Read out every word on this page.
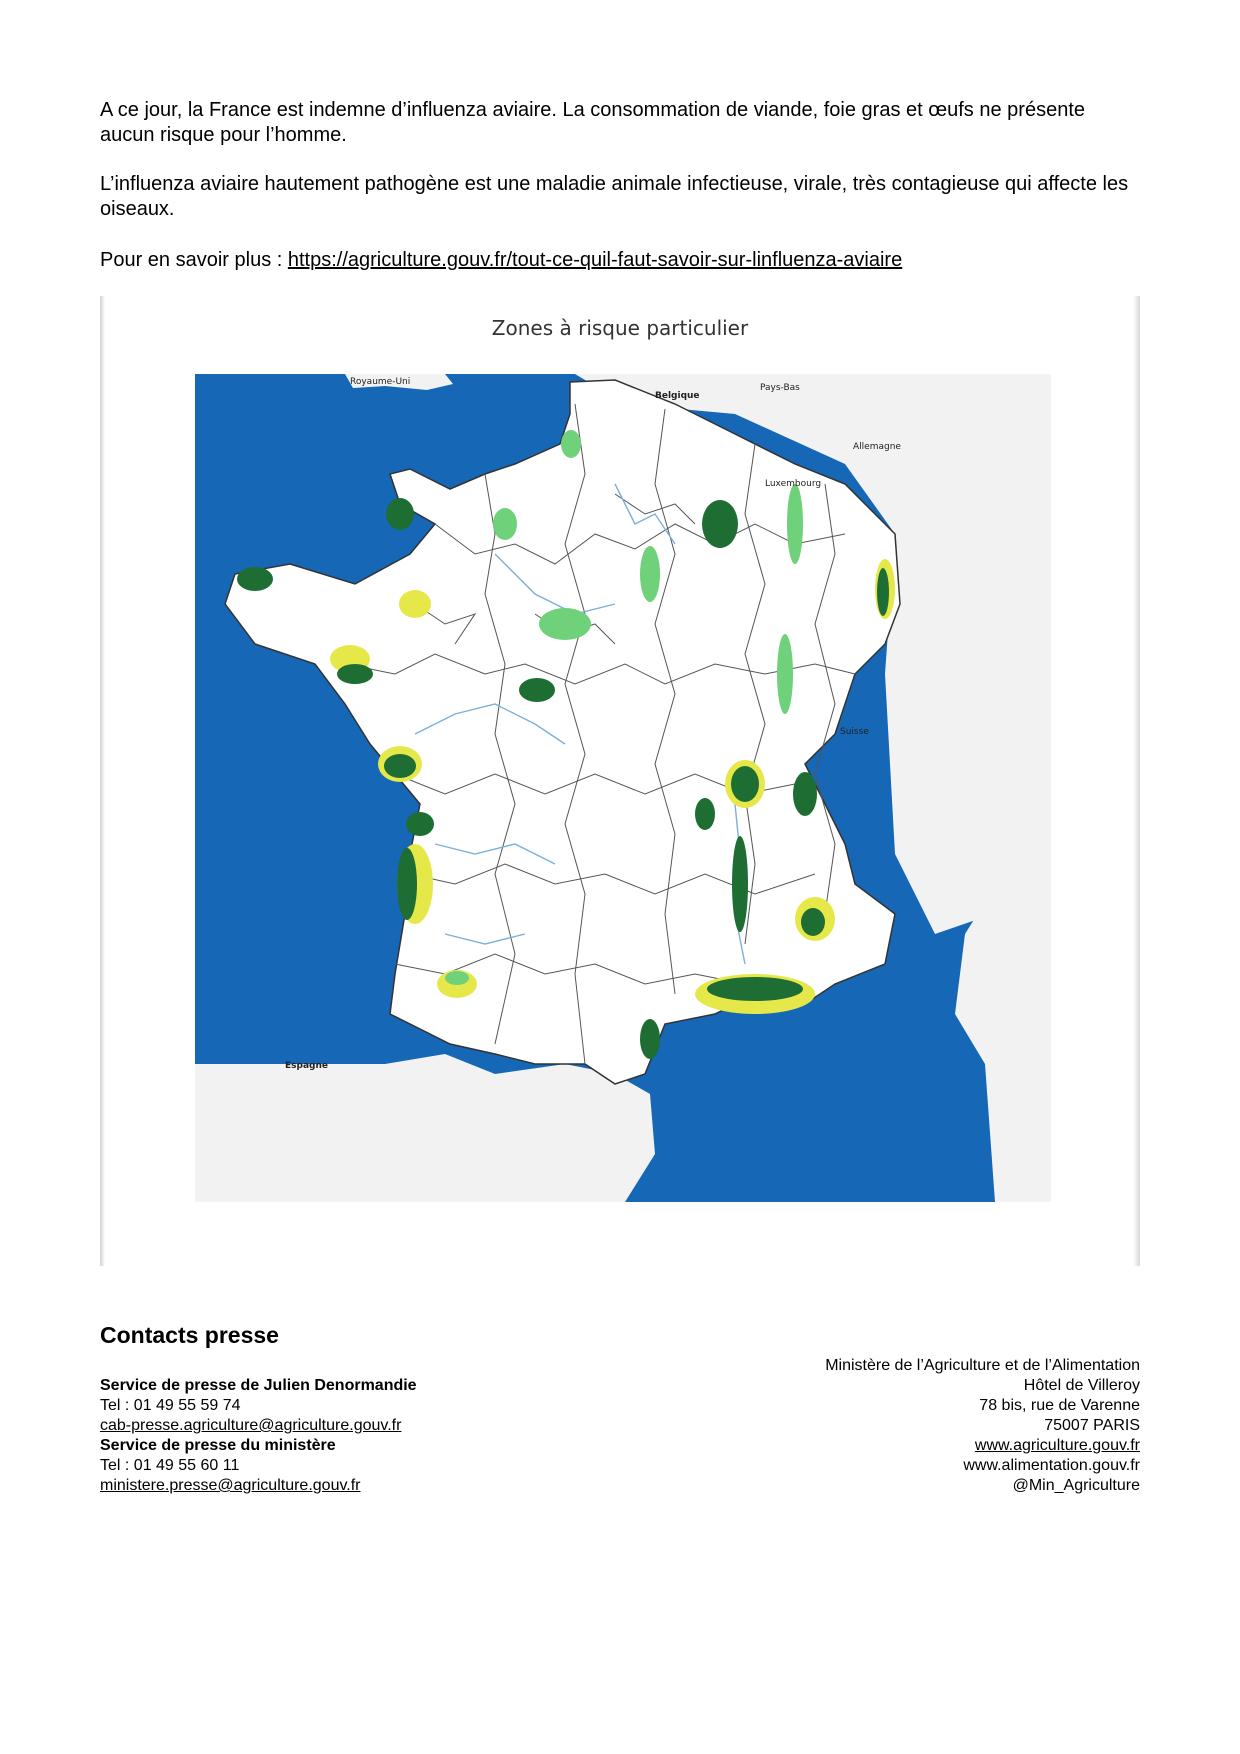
A ce jour, la France est indemne d’influenza aviaire. La consommation de viande, foie gras et œufs ne présente aucun risque pour l’homme.

L’influenza aviaire hautement pathogène est une maladie animale infectieuse, virale, très contagieuse qui affecte les oiseaux.

Pour en savoir plus : https://agriculture.gouv.fr/tout-ce-quil-faut-savoir-sur-linfluenza-aviaire

Zones à risque particulier
Royaume-Uni
Belgique
Pays-Bas
Allemagne
Luxembourg
Suisse
Espagne
Contacts presse
Service de presse de Julien Denormandie
Tel : 01 49 55 59 74
cab-presse.agriculture@agriculture.gouv.fr
Service de presse du ministère
Tel : 01 49 55 60 11
ministere.presse@agriculture.gouv.fr
Ministère de l’Agriculture et de l’Alimentation
Hôtel de Villeroy
78 bis, rue de Varenne
75007 PARIS
www.agriculture.gouv.fr
www.alimentation.gouv.fr
@Min_Agriculture
